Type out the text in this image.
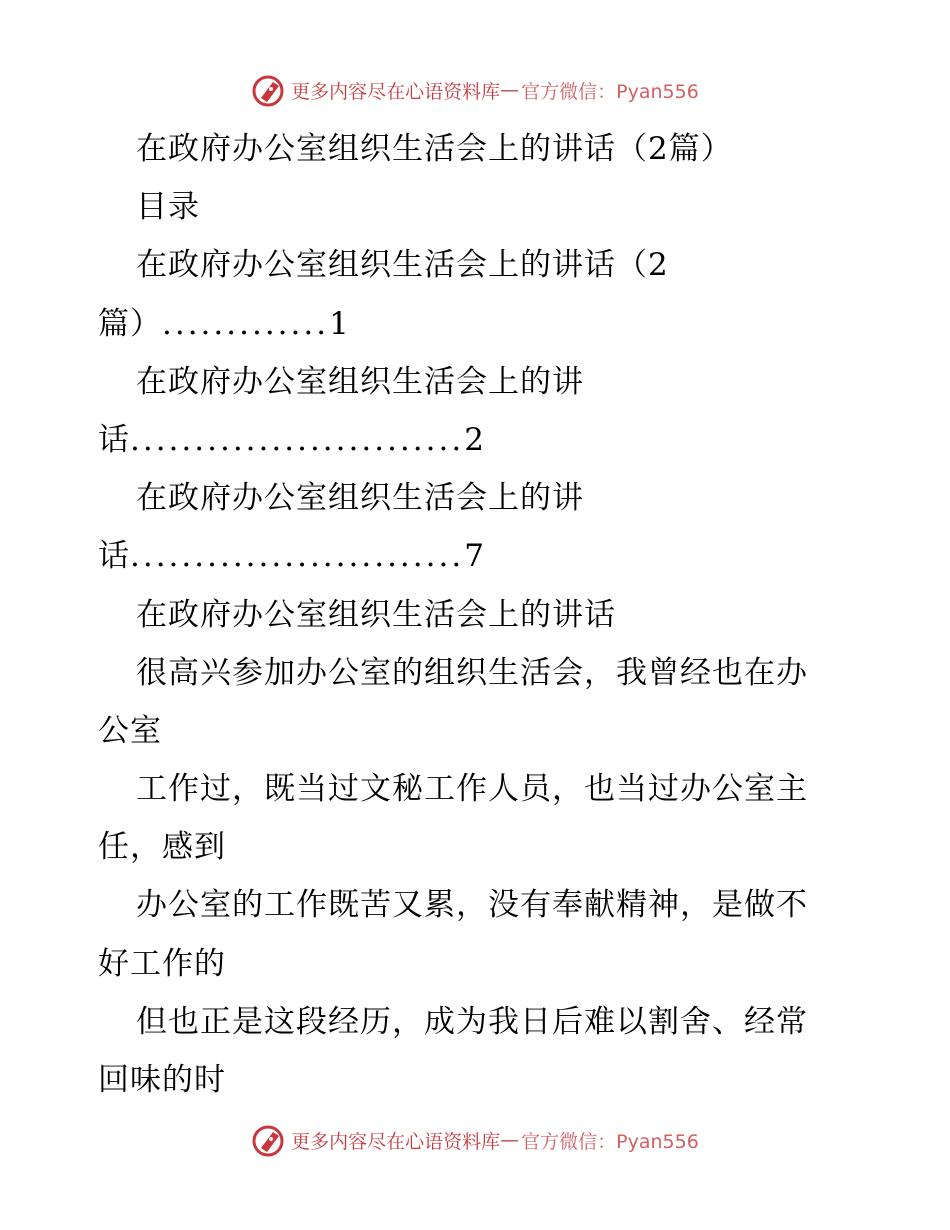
更多内容尽在心语资料库 — 官方微信：Pyan556
在政府办公室组织生活会上的讲话（2篇）
目录
在政府办公室组织生活会上的讲话（2
篇）.............1
在政府办公室组织生活会上的讲
话..........................2
在政府办公室组织生活会上的讲
话..........................7
在政府办公室组织生活会上的讲话
很高兴参加办公室的组织生活会，我曾经也在办
公室
工作过，既当过文秘工作人员，也当过办公室主
任，感到
办公室的工作既苦又累，没有奉献精神，是做不
好工作的
但也正是这段经历，成为我日后难以割舍、经常
回味的时
更多内容尽在心语资料库 — 官方微信：Pyan556
